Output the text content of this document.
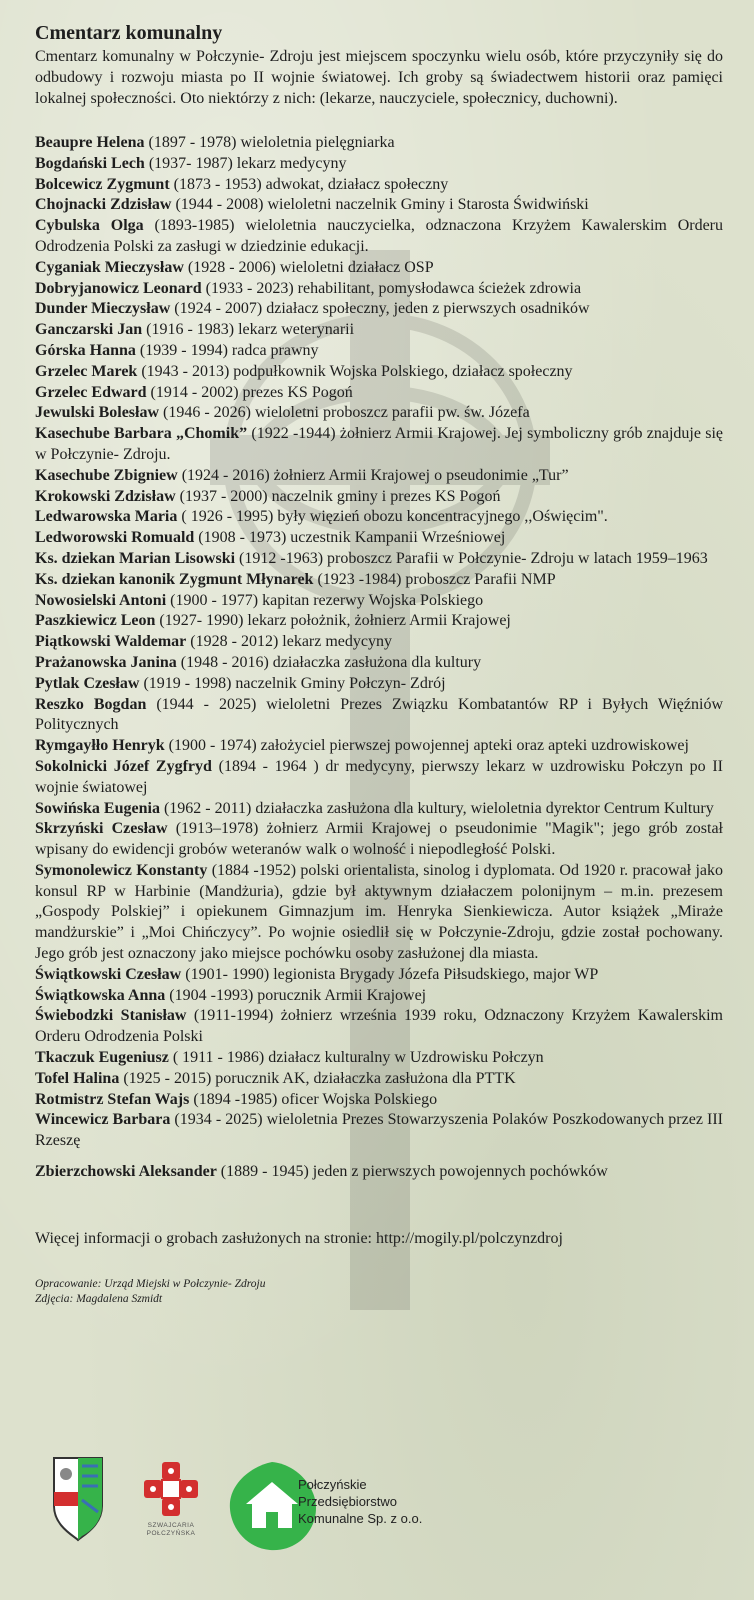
Cmentarz komunalny

Cmentarz komunalny w Połczynie- Zdroju jest miejscem spoczynku wielu osób, które przyczyniły się do odbudowy i rozwoju miasta po II wojnie światowej. Ich groby są świadectwem historii oraz pamięci lokalnej społeczności. Oto niektórzy z nich: (lekarze, nauczyciele, społecznicy, duchowni).

Beaupre Helena (1897 - 1978) wieloletnia pielęgniarka

Bogdański Lech (1937- 1987) lekarz medycyny

Bolcewicz Zygmunt (1873 - 1953) adwokat, działacz społeczny

Chojnacki Zdzisław (1944 - 2008) wieloletni naczelnik Gminy i Starosta Świdwiński

Cybulska Olga (1893-1985) wieloletnia nauczycielka, odznaczona Krzyżem Kawalerskim Orderu Odrodzenia Polski za zasługi w dziedzinie edukacji.

Cyganiak Mieczysław (1928 - 2006) wieloletni działacz OSP

Dobryjanowicz Leonard (1933 - 2023) rehabilitant, pomysłodawca ścieżek zdrowia

Dunder Mieczysław (1924 - 2007) działacz społeczny, jeden z pierwszych osadników

Ganczarski Jan (1916 - 1983) lekarz weterynarii

Górska Hanna (1939 - 1994) radca prawny

Grzelec Marek (1943 - 2013) podpułkownik Wojska Polskiego, działacz społeczny

Grzelec Edward (1914 - 2002) prezes KS Pogoń

Jewulski Bolesław (1946 - 2026) wieloletni proboszcz parafii pw. św. Józefa

Kasechube Barbara „Chomik” (1922 -1944) żołnierz Armii Krajowej. Jej symboliczny grób znajduje się w Połczynie- Zdroju.

Kasechube Zbigniew (1924 - 2016) żołnierz Armii Krajowej o pseudonimie „Tur”

Krokowski Zdzisław (1937 - 2000) naczelnik gminy i prezes KS Pogoń

Ledwarowska Maria ( 1926 - 1995) były więzień obozu koncentracyjnego ,,Oświęcim".

Ledworowski Romuald (1908 - 1973) uczestnik Kampanii Wrześniowej

Ks. dziekan Marian Lisowski (1912 -1963) proboszcz Parafii w Połczynie- Zdroju w latach 1959–1963

Ks. dziekan kanonik Zygmunt Młynarek (1923 -1984) proboszcz Parafii NMP

Nowosielski Antoni (1900 - 1977) kapitan rezerwy Wojska Polskiego

Paszkiewicz Leon (1927- 1990) lekarz położnik, żołnierz Armii Krajowej

Piątkowski Waldemar (1928 - 2012) lekarz medycyny

Prażanowska Janina (1948 - 2016) działaczka zasłużona dla kultury

Pytlak Czesław (1919 - 1998) naczelnik Gminy Połczyn- Zdrój

Reszko Bogdan (1944 - 2025) wieloletni Prezes Związku Kombatantów RP i Byłych Więźniów Politycznych

Rymgayłło Henryk (1900 - 1974) założyciel pierwszej powojennej apteki oraz apteki uzdrowiskowej

Sokolnicki Józef Zygfryd (1894 - 1964 ) dr medycyny, pierwszy lekarz w uzdrowisku Połczyn po II wojnie światowej

Sowińska Eugenia (1962 - 2011) działaczka zasłużona dla kultury, wieloletnia dyrektor Centrum Kultury

Skrzyński Czesław (1913–1978) żołnierz Armii Krajowej o pseudonimie "Magik"; jego grób został wpisany do ewidencji grobów weteranów walk o wolność i niepodległość Polski.

Symonolewicz Konstanty (1884 -1952) polski orientalista, sinolog i dyplomata. Od 1920 r. pracował jako konsul RP w Harbinie (Mandżuria), gdzie był aktywnym działaczem polonijnym – m.in. prezesem „Gospody Polskiej” i opiekunem Gimnazjum im. Henryka Sienkiewicza. Autor książek „Miraże mandżurskie” i „Moi Chińczycy”. Po wojnie osiedlił się w Połczynie-Zdroju, gdzie został pochowany. Jego grób jest oznaczony jako miejsce pochówku osoby zasłużonej dla miasta.

Świątkowski Czesław (1901- 1990) legionista Brygady Józefa Piłsudskiego, major WP

Świątkowska Anna (1904 -1993) porucznik Armii Krajowej

Świebodzki Stanisław (1911-1994) żołnierz września 1939 roku, Odznaczony Krzyżem Kawalerskim Orderu Odrodzenia Polski

Tkaczuk Eugeniusz ( 1911 - 1986) działacz kulturalny w Uzdrowisku Połczyn

Tofel Halina (1925 - 2015) porucznik AK, działaczka zasłużona dla PTTK

Rotmistrz Stefan Wajs (1894 -1985) oficer Wojska Polskiego

Wincewicz Barbara (1934 - 2025) wieloletnia Prezes Stowarzyszenia Polaków Poszkodowanych przez III Rzeszę

Zbierzchowski Aleksander (1889 - 1945) jeden z pierwszych powojennych pochówków

Więcej informacji o grobach zasłużonych na stronie: http://mogily.pl/polczynzdroj
Opracowanie: Urząd Miejski w Połczynie- Zdroju
Zdjęcia: Magdalena Szmidt
SZWAJCARIA
POŁCZYŃSKA
Połczyńskie
Przedsiębiorstwo
Komunalne Sp. z o.o.
